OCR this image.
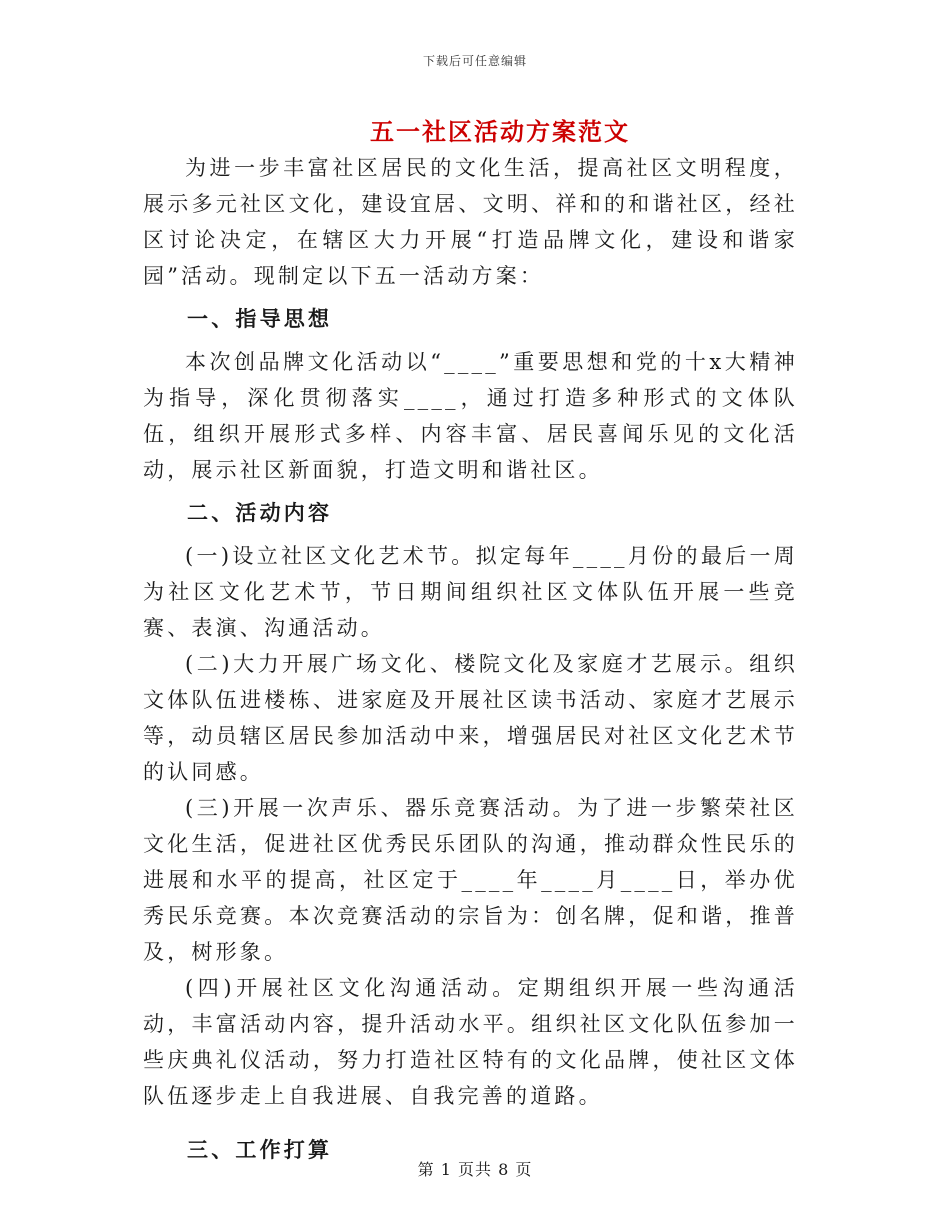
下载后可任意编辑
五一社区活动方案范文

为进一步丰富社区居民的文化生活，提高社区文明程度，展示多元社区文化，建设宜居、文明、祥和的和谐社区，经社区讨论决定，在辖区大力开展“打造品牌文化，建设和谐家园”活动。现制定以下五一活动方案：

一、指导思想

本次创品牌文化活动以“____”重要思想和党的十x大精神为指导，深化贯彻落实____，通过打造多种形式的文体队伍，组织开展形式多样、内容丰富、居民喜闻乐见的文化活动，展示社区新面貌，打造文明和谐社区。

二、活动内容

(一)设立社区文化艺术节。拟定每年____月份的最后一周为社区文化艺术节，节日期间组织社区文体队伍开展一些竞赛、表演、沟通活动。

(二)大力开展广场文化、楼院文化及家庭才艺展示。组织文体队伍进楼栋、进家庭及开展社区读书活动、家庭才艺展示等，动员辖区居民参加活动中来，增强居民对社区文化艺术节的认同感。

(三)开展一次声乐、器乐竞赛活动。为了进一步繁荣社区文化生活，促进社区优秀民乐团队的沟通，推动群众性民乐的进展和水平的提高，社区定于____年____月____日，举办优秀民乐竞赛。本次竞赛活动的宗旨为：创名牌，促和谐，推普及，树形象。

(四)开展社区文化沟通活动。定期组织开展一些沟通活动，丰富活动内容，提升活动水平。组织社区文化队伍参加一些庆典礼仪活动，努力打造社区特有的文化品牌，使社区文体队伍逐步走上自我进展、自我完善的道路。

三、工作打算

第 1 页共 8 页
